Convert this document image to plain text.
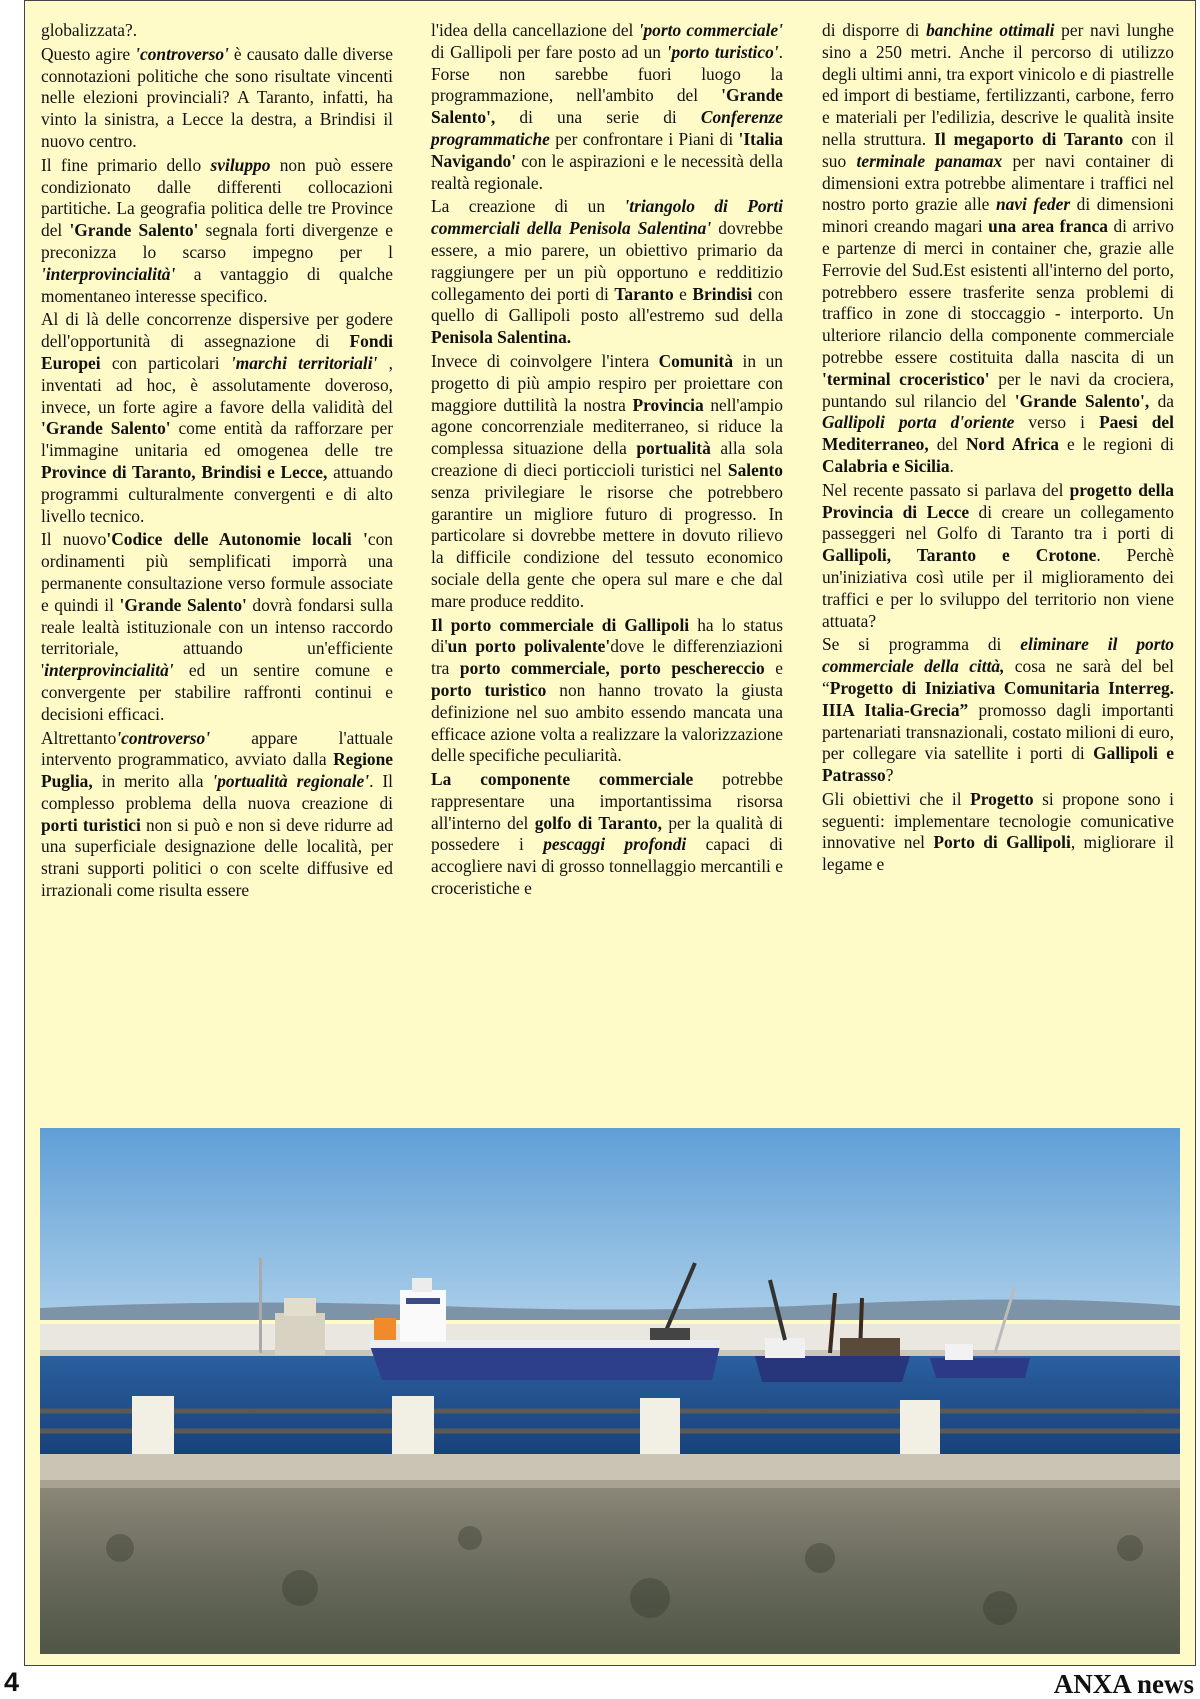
globalizzata?.

Questo agire 'controverso' è causato dalle diverse connotazioni politiche che sono risultate vincenti nelle elezioni provinciali? A Taranto, infatti, ha vinto la sinistra, a Lecce la destra, a Brindisi il nuovo centro.

Il fine primario dello sviluppo non può essere condizionato dalle differenti collocazioni partitiche. La geografia politica delle tre Province del 'Grande Salento' segnala forti divergenze e preconizza lo scarso impegno per l 'interprovincialità' a vantaggio di qualche momentaneo interesse specifico.

Al di là delle concorrenze dispersive per godere dell'opportunità di assegnazione di Fondi Europei con particolari 'marchi territoriali' , inventati ad hoc, è assolutamente doveroso, invece, un forte agire a favore della validità del 'Grande Salento' come entità da rafforzare per l'immagine unitaria ed omogenea delle tre Province di Taranto, Brindisi e Lecce, attuando programmi culturalmente convergenti e di alto livello tecnico.

Il nuovo'Codice delle Autonomie locali 'con ordinamenti più semplificati imporrà una permanente consultazione verso formule associate e quindi il 'Grande Salento' dovrà fondarsi sulla reale lealtà istituzionale con un intenso raccordo territoriale, attuando un'efficiente 'interprovincialità' ed un sentire comune e convergente per stabilire raffronti continui e decisioni efficaci.

Altrettanto'controverso' appare l'attuale intervento programmatico, avviato dalla Regione Puglia, in merito alla 'portualità regionale'. Il complesso problema della nuova creazione di porti turistici non si può e non si deve ridurre ad una superficiale designazione delle località, per strani supporti politici o con scelte diffusive ed irrazionali come risulta essere

l'idea della cancellazione del 'porto commerciale' di Gallipoli per fare posto ad un 'porto turistico'. Forse non sarebbe fuori luogo la programmazione, nell'ambito del 'Grande Salento', di una serie di Conferenze programmatiche per confrontare i Piani di 'Italia Navigando' con le aspirazioni e le necessità della realtà regionale.

La creazione di un 'triangolo di Porti commerciali della Penisola Salentina' dovrebbe essere, a mio parere, un obiettivo primario da raggiungere per un più opportuno e redditizio collegamento dei porti di Taranto e Brindisi con quello di Gallipoli posto all'estremo sud della Penisola Salentina.

Invece di coinvolgere l'intera Comunità in un progetto di più ampio respiro per proiettare con maggiore duttilità la nostra Provincia nell'ampio agone concorrenziale mediterraneo, si riduce la complessa situazione della portualità alla sola creazione di dieci porticcioli turistici nel Salento senza privilegiare le risorse che potrebbero garantire un migliore futuro di progresso. In particolare si dovrebbe mettere in dovuto rilievo la difficile condizione del tessuto economico sociale della gente che opera sul mare e che dal mare produce reddito.

Il porto commerciale di Gallipoli ha lo status di'un porto polivalente'dove le differenziazioni tra porto commerciale, porto peschereccio e porto turistico non hanno trovato la giusta definizione nel suo ambito essendo mancata una efficace azione volta a realizzare la valorizzazione delle specifiche peculiarità.

La componente commerciale potrebbe rappresentare una importantissima risorsa all'interno del golfo di Taranto, per la qualità di possedere i pescaggi profondi capaci di accogliere navi di grosso tonnellaggio mercantili e croceristiche e

di disporre di banchine ottimali per navi lunghe sino a 250 metri. Anche il percorso di utilizzo degli ultimi anni, tra export vinicolo e di piastrelle ed import di bestiame, fertilizzanti, carbone, ferro e materiali per l'edilizia, descrive le qualità insite nella struttura. Il megaporto di Taranto con il suo terminale panamax per navi container di dimensioni extra potrebbe alimentare i traffici nel nostro porto grazie alle navi feder di dimensioni minori creando magari una area franca di arrivo e partenze di merci in container che, grazie alle Ferrovie del Sud.Est esistenti all'interno del porto, potrebbero essere trasferite senza problemi di traffico in zone di stoccaggio - interporto. Un ulteriore rilancio della componente commerciale potrebbe essere costituita dalla nascita di un 'terminal croceristico' per le navi da crociera, puntando sul rilancio del 'Grande Salento', da Gallipoli porta d'oriente verso i Paesi del Mediterraneo, del Nord Africa e le regioni di Calabria e Sicilia.

Nel recente passato si parlava del progetto della Provincia di Lecce di creare un collegamento passeggeri nel Golfo di Taranto tra i porti di Gallipoli, Taranto e Crotone. Perchè un'iniziativa così utile per il miglioramento dei traffici e per lo sviluppo del territorio non viene attuata?

Se si programma di eliminare il porto commerciale della città, cosa ne sarà del bel “Progetto di Iniziativa Comunitaria Interreg. IIIA Italia-Grecia” promosso dagli importanti partenariati transnazionali, costato milioni di euro, per collegare via satellite i porti di Gallipoli e Patrasso?

Gli obiettivi che il Progetto si propone sono i seguenti: implementare tecnologie comunicative innovative nel Porto di Gallipoli, migliorare il legame e

4	ANXA news
